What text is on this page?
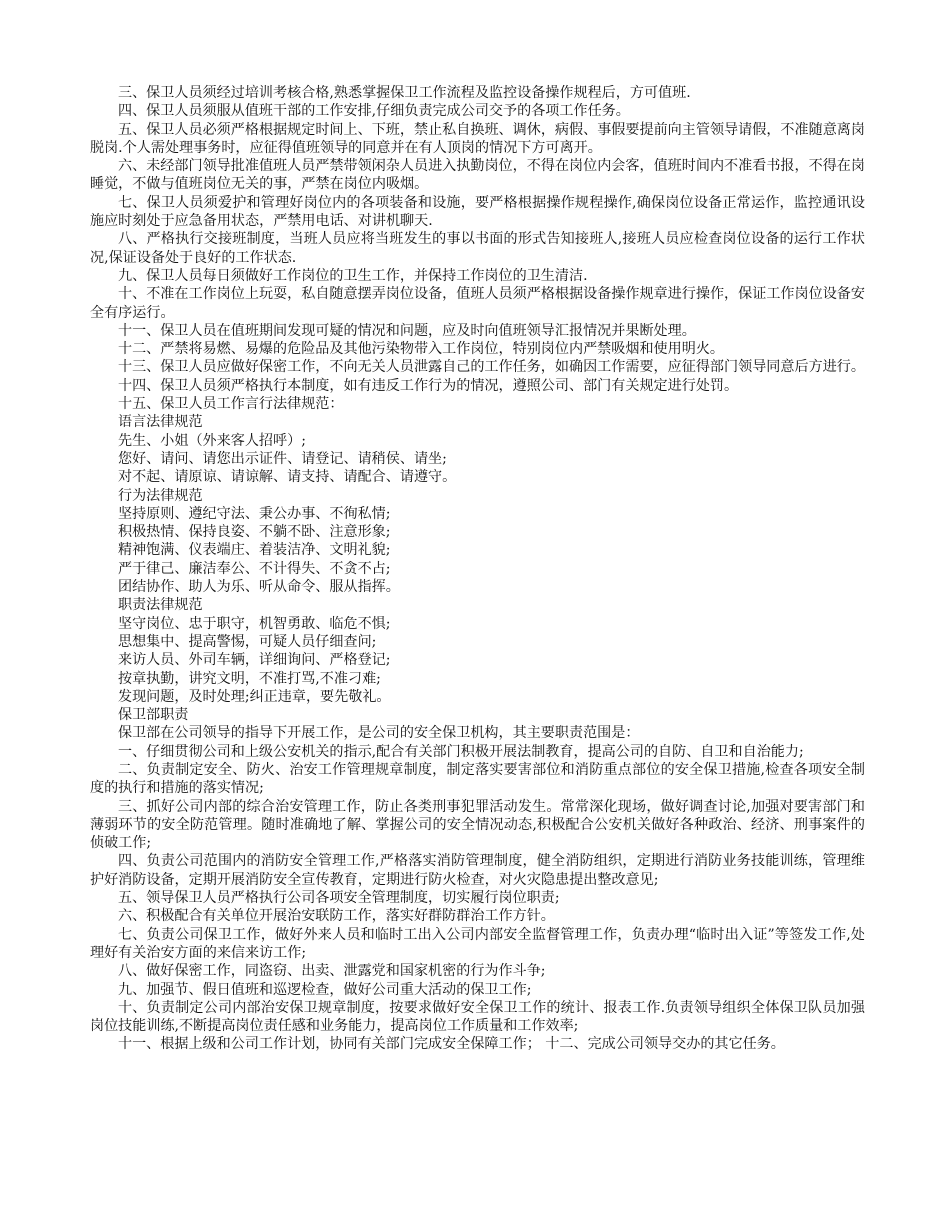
三、保卫人员须经过培训考核合格,熟悉掌握保卫工作流程及监控设备操作规程后，方可值班.

四、保卫人员须服从值班干部的工作安排,仔细负责完成公司交予的各项工作任务。

五、保卫人员必须严格根据规定时间上、下班，禁止私自换班、调休，病假、事假要提前向主管领导请假，不准随意离岗脱岗.个人需处理事务时，应征得值班领导的同意并在有人顶岗的情况下方可离开。

六、未经部门领导批准值班人员严禁带领闲杂人员进入执勤岗位，不得在岗位内会客，值班时间内不准看书报，不得在岗睡觉，不做与值班岗位无关的事，严禁在岗位内吸烟。

七、保卫人员须爱护和管理好岗位内的各项装备和设施，要严格根据操作规程操作,确保岗位设备正常运作，监控通讯设施应时刻处于应急备用状态，严禁用电话、对讲机聊天.

八、严格执行交接班制度，当班人员应将当班发生的事以书面的形式告知接班人,接班人员应检查岗位设备的运行工作状况,保证设备处于良好的工作状态.

九、保卫人员每日须做好工作岗位的卫生工作，并保持工作岗位的卫生清洁.

十、不准在工作岗位上玩耍，私自随意摆弄岗位设备，值班人员须严格根据设备操作规章进行操作，保证工作岗位设备安全有序运行。

十一、保卫人员在值班期间发现可疑的情况和问题，应及时向值班领导汇报情况并果断处理。

十二、严禁将易燃、易爆的危险品及其他污染物带入工作岗位，特别岗位内严禁吸烟和使用明火。

十三、保卫人员应做好保密工作，不向无关人员泄露自己的工作任务，如确因工作需要，应征得部门领导同意后方进行。

十四、保卫人员须严格执行本制度，如有违反工作行为的情况，遵照公司、部门有关规定进行处罚。

十五、保卫人员工作言行法律规范：

语言法律规范

先生、小姐（外来客人招呼）;

您好、请问、请您出示证件、请登记、请稍侯、请坐;

对不起、请原谅、请谅解、请支持、请配合、请遵守。

行为法律规范

坚持原则、遵纪守法、秉公办事、不徇私情;

积极热情、保持良姿、不躺不卧、注意形象;

精神饱满、仪表端庄、着装洁净、文明礼貌;

严于律己、廉洁奉公、不计得失、不贪不占;

团结协作、助人为乐、听从命令、服从指挥。

职责法律规范

坚守岗位、忠于职守，机智勇敢、临危不惧;

思想集中、提高警惕，可疑人员仔细查问;

来访人员、外司车辆，详细询问、严格登记;

按章执勤，讲究文明，不准打骂,不准刁难;

发现问题，及时处理;纠正违章，要先敬礼。

保卫部职责

保卫部在公司领导的指导下开展工作，是公司的安全保卫机构，其主要职责范围是：

一、仔细贯彻公司和上级公安机关的指示,配合有关部门积极开展法制教育，提高公司的自防、自卫和自治能力;

二、负责制定安全、防火、治安工作管理规章制度，制定落实要害部位和消防重点部位的安全保卫措施,检查各项安全制度的执行和措施的落实情况;

三、抓好公司内部的综合治安管理工作，防止各类刑事犯罪活动发生。常常深化现场，做好调查讨论,加强对要害部门和薄弱环节的安全防范管理。随时准确地了解、掌握公司的安全情况动态,积极配合公安机关做好各种政治、经济、刑事案件的侦破工作;

四、负责公司范围内的消防安全管理工作,严格落实消防管理制度，健全消防组织，定期进行消防业务技能训练，管理维护好消防设备，定期开展消防安全宣传教育，定期进行防火检查，对火灾隐患提出整改意见;

五、领导保卫人员严格执行公司各项安全管理制度，切实履行岗位职责;

六、积极配合有关单位开展治安联防工作，落实好群防群治工作方针。

七、负责公司保卫工作，做好外来人员和临时工出入公司内部安全监督管理工作，负责办理“临时出入证”等签发工作,处理好有关治安方面的来信来访工作;

八、做好保密工作，同盗窃、出卖、泄露党和国家机密的行为作斗争;

九、加强节、假日值班和巡逻检查，做好公司重大活动的保卫工作;

十、负责制定公司内部治安保卫规章制度，按要求做好安全保卫工作的统计、报表工作.负责领导组织全体保卫队员加强岗位技能训练,不断提高岗位责任感和业务能力，提高岗位工作质量和工作效率;

十一、根据上级和公司工作计划，协同有关部门完成安全保障工作； 十二、完成公司领导交办的其它任务。
